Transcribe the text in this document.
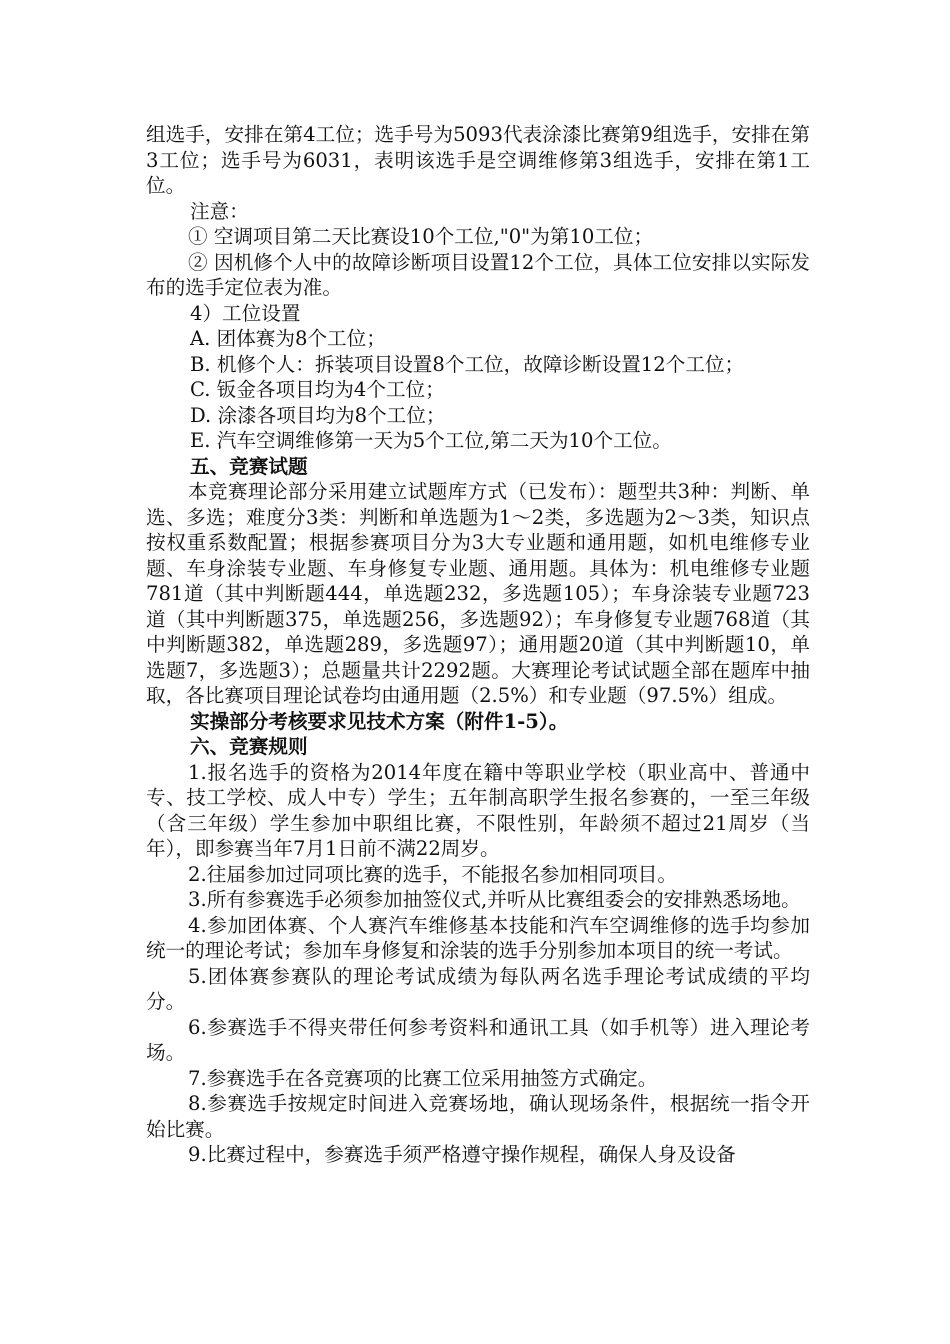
组选手，安排在第4工位；选手号为5093代表涂漆比赛第9组选手，安排在第3工位；选手号为6031，表明该选手是空调维修第3组选手，安排在第1工位。

注意：

① 空调项目第二天比赛设10个工位,"0"为第10工位；

② 因机修个人中的故障诊断项目设置12个工位，具体工位安排以实际发布的选手定位表为准。

4）工位设置

A. 团体赛为8个工位；

B. 机修个人：拆装项目设置8个工位，故障诊断设置12个工位；

C. 钣金各项目均为4个工位；

D. 涂漆各项目均为8个工位；

E. 汽车空调维修第一天为5个工位,第二天为10个工位。

五、竞赛试题

本竞赛理论部分采用建立试题库方式（已发布）：题型共3种：判断、单选、多选；难度分3类：判断和单选题为1～2类，多选题为2～3类，知识点按权重系数配置；根据参赛项目分为3大专业题和通用题，如机电维修专业题、车身涂装专业题、车身修复专业题、通用题。具体为：机电维修专业题781道（其中判断题444，单选题232，多选题105）；车身涂装专业题723道（其中判断题375，单选题256，多选题92）；车身修复专业题768道（其中判断题382，单选题289，多选题97）；通用题20道（其中判断题10，单选题7，多选题3）；总题量共计2292题。大赛理论考试试题全部在题库中抽取，各比赛项目理论试卷均由通用题（2.5%）和专业题（97.5%）组成。

实操部分考核要求见技术方案（附件1-5）。

六、竞赛规则

1.报名选手的资格为2014年度在籍中等职业学校（职业高中、普通中专、技工学校、成人中专）学生；五年制高职学生报名参赛的，一至三年级（含三年级）学生参加中职组比赛，不限性别，年龄须不超过21周岁（当年），即参赛当年7月1日前不满22周岁。

2.往届参加过同项比赛的选手，不能报名参加相同项目。

3.所有参赛选手必须参加抽签仪式,并听从比赛组委会的安排熟悉场地。

4.参加团体赛、个人赛汽车维修基本技能和汽车空调维修的选手均参加统一的理论考试；参加车身修复和涂装的选手分别参加本项目的统一考试。

5.团体赛参赛队的理论考试成绩为每队两名选手理论考试成绩的平均分。

6.参赛选手不得夹带任何参考资料和通讯工具（如手机等）进入理论考场。

7.参赛选手在各竞赛项的比赛工位采用抽签方式确定。

8.参赛选手按规定时间进入竞赛场地，确认现场条件，根据统一指令开始比赛。

9.比赛过程中，参赛选手须严格遵守操作规程，确保人身及设备
